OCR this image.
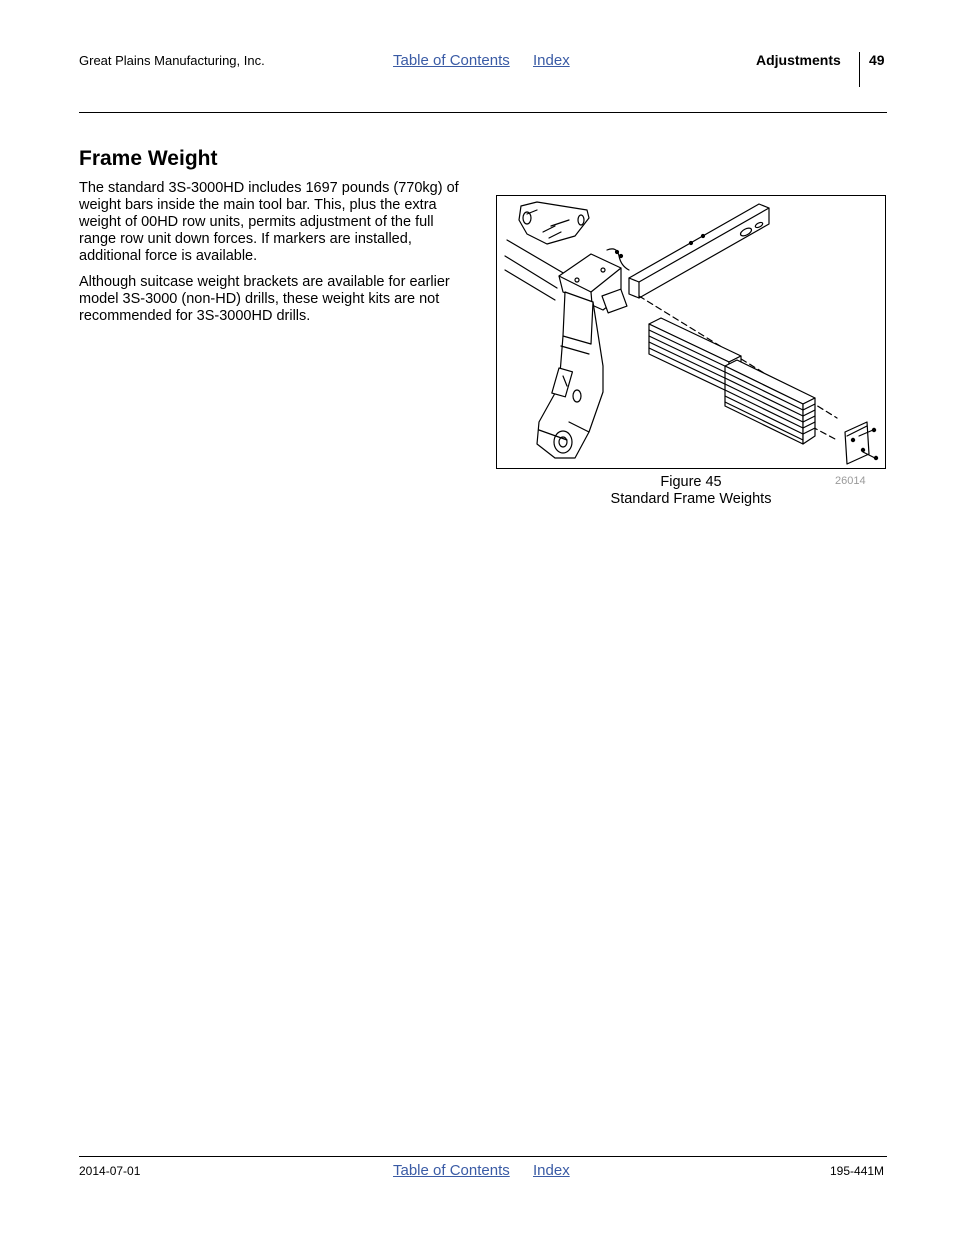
Great Plains Manufacturing, Inc.	Table of Contents Index	Adjustments 49
Frame Weight

The standard 3S-3000HD includes 1697 pounds (770kg) of weight bars inside the main tool bar. This, plus the extra weight of 00HD row units, permits adjustment of the full range row unit down forces. If markers are installed, additional force is available.

Although suitcase weight brackets are available for earlier model 3S-3000 (non-HD) drills, these weight kits are not recommended for 3S-3000HD drills.

Figure 45
Standard Frame Weights
26014
2014-07-01	Table of Contents Index	195-441M
